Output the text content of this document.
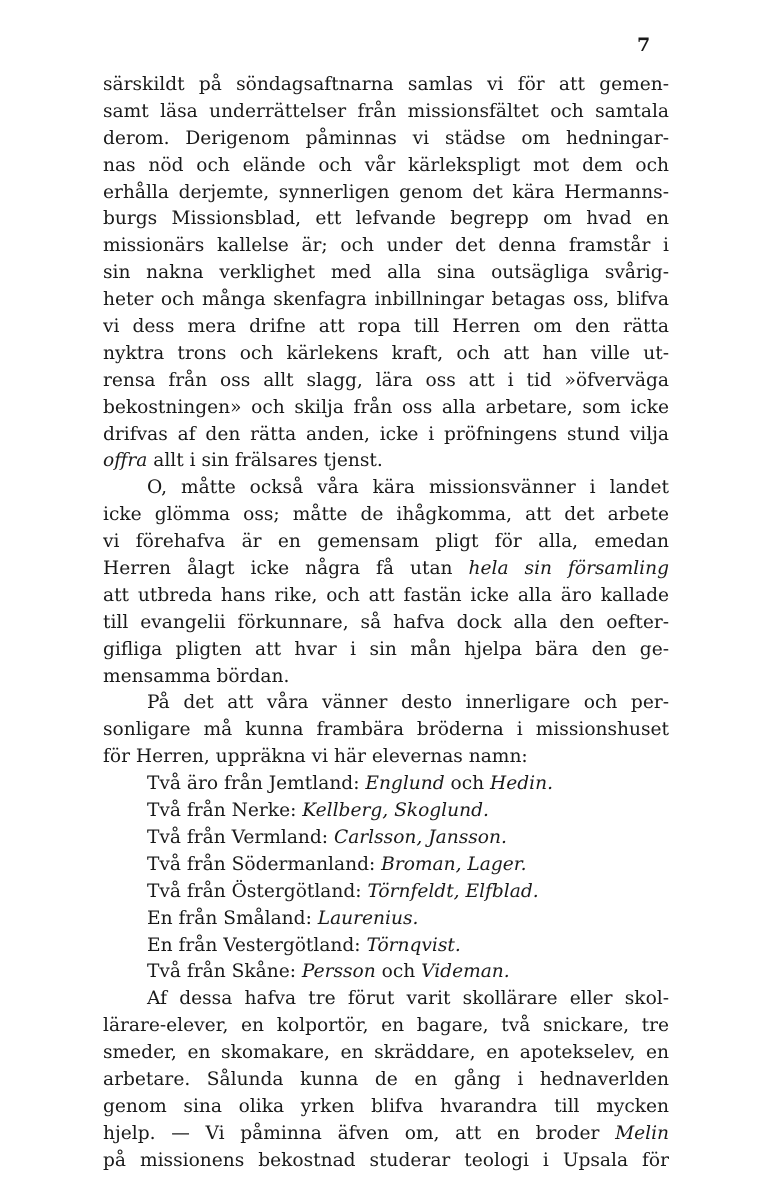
7
särskildt på söndagsaftnarna samlas vi för att gemen-
samt läsa underrättelser från missionsfältet och samtala
derom. Derigenom påminnas vi städse om hedningar-
nas nöd och elände och vår kärlekspligt mot dem och
erhålla derjemte, synnerligen genom det kära Hermanns-
burgs Missionsblad, ett lefvande begrepp om hvad en
missionärs kallelse är; och under det denna framstår i
sin nakna verklighet med alla sina outsägliga svårig-
heter och många skenfagra inbillningar betagas oss, blifva
vi dess mera drifne att ropa till Herren om den rätta
nyktra trons och kärlekens kraft, och att han ville ut-
rensa från oss allt slagg, lära oss att i tid »öfverväga
bekostningen» och skilja från oss alla arbetare, som icke
drifvas af den rätta anden, icke i pröfningens stund vilja
offra allt i sin frälsares tjenst.
O, måtte också våra kära missionsvänner i landet
icke glömma oss; måtte de ihågkomma, att det arbete
vi förehafva är en gemensam pligt för alla, emedan
Herren ålagt icke några få utan hela sin församling
att utbreda hans rike, och att fastän icke alla äro kallade
till evangelii förkunnare, så hafva dock alla den oefter-
gifliga pligten att hvar i sin mån hjelpa bära den ge-
mensamma bördan.
På det att våra vänner desto innerligare och per-
sonligare må kunna frambära bröderna i missionshuset
för Herren, uppräkna vi här elevernas namn:
Två äro från Jemtland: Englund och Hedin.
Två från Nerke: Kellberg, Skoglund.
Två från Vermland: Carlsson, Jansson.
Två från Södermanland: Broman, Lager.
Två från Östergötland: Törnfeldt, Elfblad.
En från Småland: Laurenius.
En från Vestergötland: Törnqvist.
Två från Skåne: Persson och Videman.
Af dessa hafva tre förut varit skollärare eller skol-
lärare-elever, en kolportör, en bagare, två snickare, tre
smeder, en skomakare, en skräddare, en apotekselev, en
arbetare. Sålunda kunna de en gång i hednaverlden
genom sina olika yrken blifva hvarandra till mycken
hjelp. — Vi påminna äfven om, att en broder Melin
på missionens bekostnad studerar teologi i Upsala för
